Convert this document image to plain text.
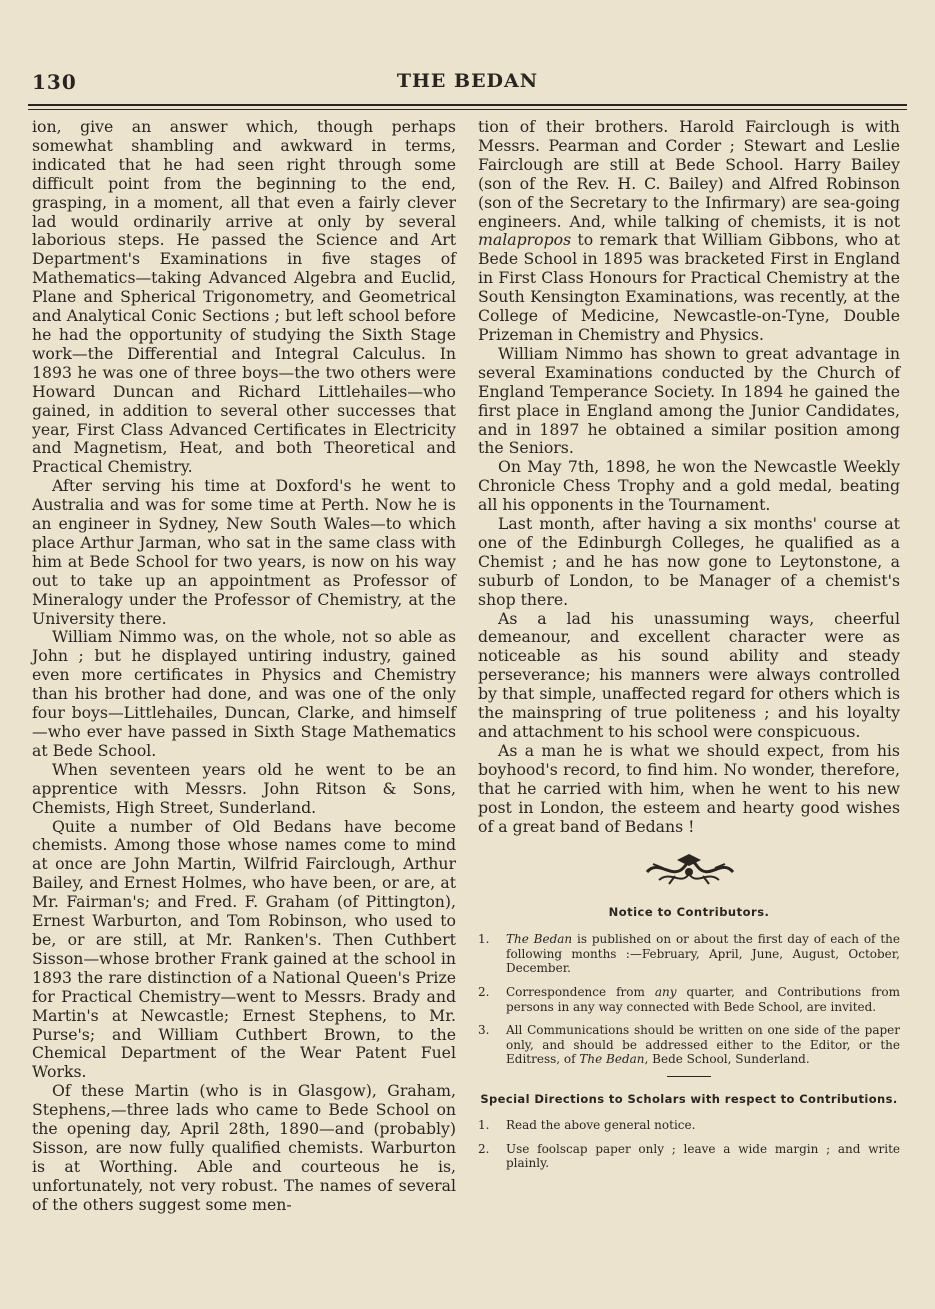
130	THE BEDAN

ion, give an answer which, though perhaps somewhat shambling and awkward in terms, indicated that he had seen right through some difficult point from the beginning to the end, grasping, in a moment, all that even a fairly clever lad would ordinarily arrive at only by several laborious steps. He passed the Science and Art Department's Examinations in five stages of Mathematics—taking Advanced Algebra and Euclid, Plane and Spherical Trigonometry, and Geometrical and Analytical Conic Sections ; but left school before he had the opportunity of studying the Sixth Stage work—the Differential and Integral Calculus. In 1893 he was one of three boys—the two others were Howard Duncan and Richard Littlehailes—who gained, in addition to several other successes that year, First Class Advanced Certificates in Electricity and Magnetism, Heat, and both Theoretical and Practical Chemistry.

After serving his time at Doxford's he went to Australia and was for some time at Perth. Now he is an engineer in Sydney, New South Wales—to which place Arthur Jarman, who sat in the same class with him at Bede School for two years, is now on his way out to take up an appointment as Professor of Mineralogy under the Professor of Chemistry, at the University there.

William Nimmo was, on the whole, not so able as John ; but he displayed untiring industry, gained even more certificates in Physics and Chemistry than his brother had done, and was one of the only four boys—Littlehailes, Duncan, Clarke, and himself—who ever have passed in Sixth Stage Mathematics at Bede School.

When seventeen years old he went to be an apprentice with Messrs. John Ritson & Sons, Chemists, High Street, Sunderland.

Quite a number of Old Bedans have become chemists. Among those whose names come to mind at once are John Martin, Wilfrid Fairclough, Arthur Bailey, and Ernest Holmes, who have been, or are, at Mr. Fairman's; and Fred. F. Graham (of Pittington), Ernest Warburton, and Tom Robinson, who used to be, or are still, at Mr. Ranken's. Then Cuthbert Sisson—whose brother Frank gained at the school in 1893 the rare distinction of a National Queen's Prize for Practical Chemistry—went to Messrs. Brady and Martin's at Newcastle; Ernest Stephens, to Mr. Purse's; and William Cuthbert Brown, to the Chemical Department of the Wear Patent Fuel Works.

Of these Martin (who is in Glasgow), Graham, Stephens,—three lads who came to Bede School on the opening day, April 28th, 1890—and (probably) Sisson, are now fully qualified chemists. Warburton is at Worthing. Able and courteous he is, unfortunately, not very robust. The names of several of the others suggest some men-

tion of their brothers. Harold Fairclough is with Messrs. Pearman and Corder ; Stewart and Leslie Fairclough are still at Bede School. Harry Bailey (son of the Rev. H. C. Bailey) and Alfred Robinson (son of the Secretary to the Infirmary) are sea-going engineers. And, while talking of chemists, it is not malapropos to remark that William Gibbons, who at Bede School in 1895 was bracketed First in England in First Class Honours for Practical Chemistry at the South Kensington Examinations, was recently, at the College of Medicine, Newcastle-on-Tyne, Double Prizeman in Chemistry and Physics.

William Nimmo has shown to great advantage in several Examinations conducted by the Church of England Temperance Society. In 1894 he gained the first place in England among the Junior Candidates, and in 1897 he obtained a similar position among the Seniors.

On May 7th, 1898, he won the Newcastle Weekly Chronicle Chess Trophy and a gold medal, beating all his opponents in the Tournament.

Last month, after having a six months' course at one of the Edinburgh Colleges, he qualified as a Chemist ; and he has now gone to Leytonstone, a suburb of London, to be Manager of a chemist's shop there.

As a lad his unassuming ways, cheerful demeanour, and excellent character were as noticeable as his sound ability and steady perseverance; his manners were always controlled by that simple, unaffected regard for others which is the mainspring of true politeness ; and his loyalty and attachment to his school were conspicuous.

As a man he is what we should expect, from his boyhood's record, to find him. No wonder, therefore, that he carried with him, when he went to his new post in London, the esteem and hearty good wishes of a great band of Bedans !

Notice to Contributors.
1. The Bedan is published on or about the first day of each of the following months :—February, April, June, August, October, December.
2. Correspondence from any quarter, and Contributions from persons in any way connected with Bede School, are invited.
3. All Communications should be written on one side of the paper only, and should be addressed either to the Editor, or the Editress, of The Bedan, Bede School, Sunderland.
Special Directions to Scholars with respect to Contributions.
1. Read the above general notice.
2. Use foolscap paper only ; leave a wide margin ; and write plainly.
